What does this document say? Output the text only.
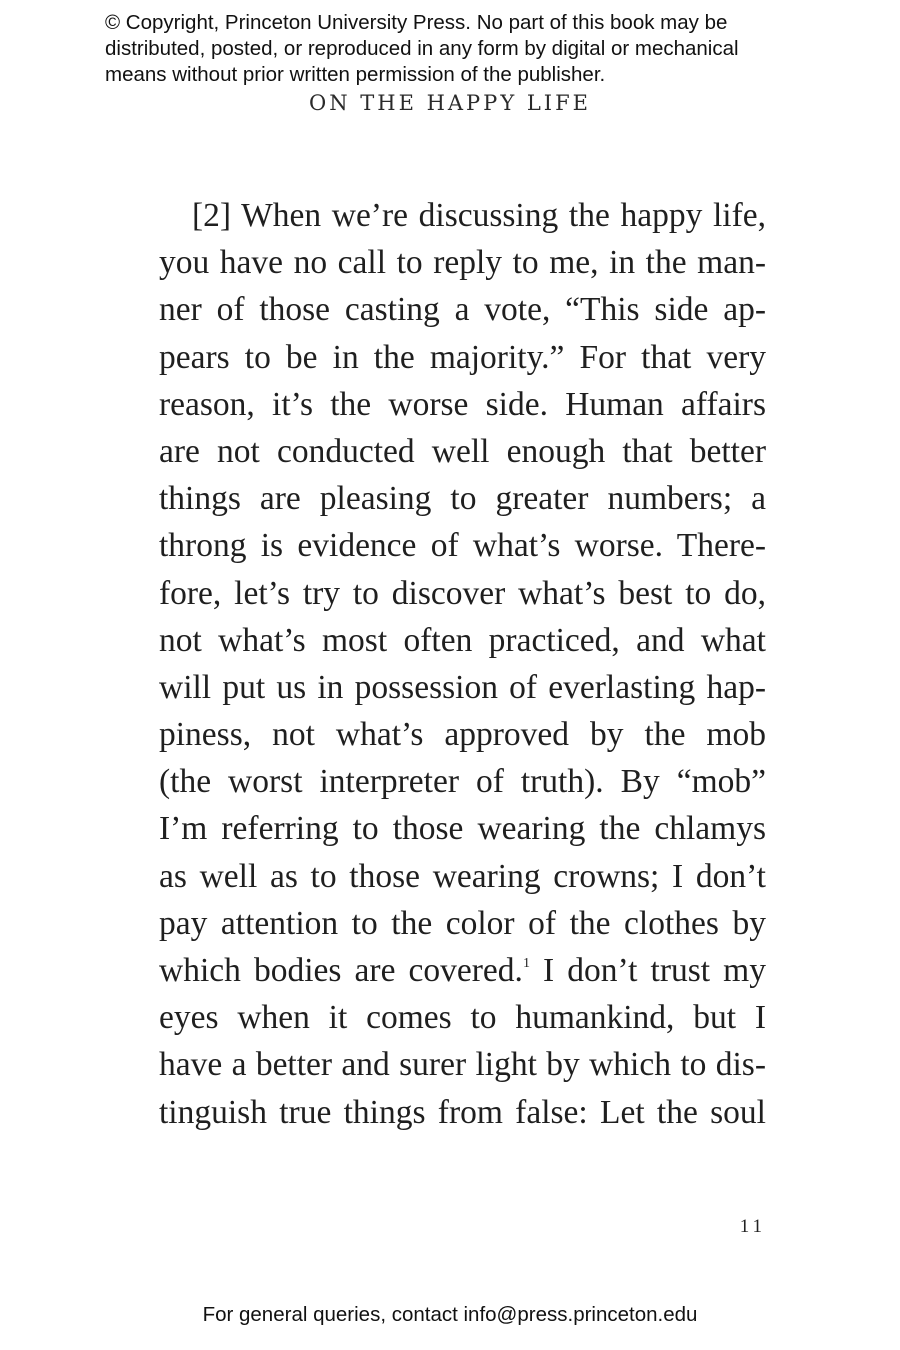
© Copyright, Princeton University Press. No part of this book may be
distributed, posted, or reproduced in any form by digital or mechanical
means without prior written permission of the publisher.
ON THE HAPPY LIFE
[2] When we’re discussing the happy life,
you have no call to reply to me, in the man-
ner of those casting a vote, “This side ap-
pears to be in the majority.” For that very
reason, it’s the worse side. Human affairs
are not conducted well enough that better
things are pleasing to greater numbers; a
throng is evidence of what’s worse. There-
fore, let’s try to discover what’s best to do,
not what’s most often practiced, and what
will put us in possession of everlasting hap-
piness, not what’s approved by the mob
(the worst interpreter of truth). By “mob”
I’m referring to those wearing the chlamys
as well as to those wearing crowns; I don’t
pay attention to the color of the clothes by
which bodies are covered.$^1$ I don’t trust my
eyes when it comes to humankind, but I
have a better and surer light by which to dis-
tinguish true things from false: Let the soul
11
For general queries, contact info@press.princeton.edu
